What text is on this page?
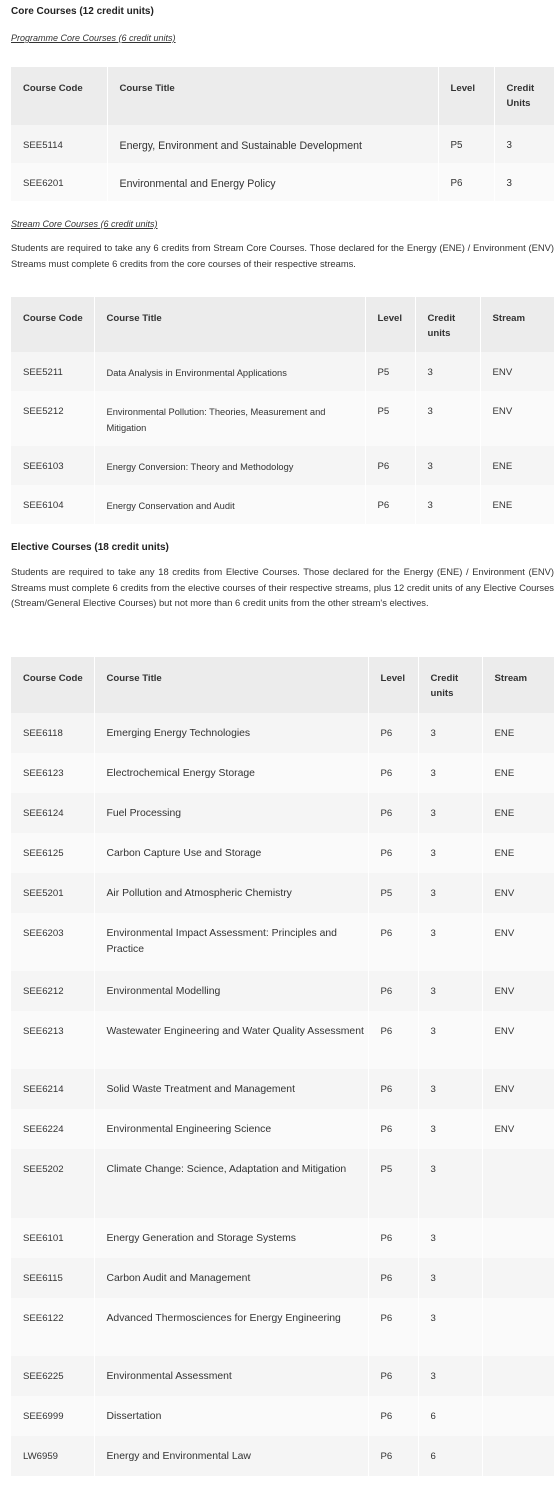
Core Courses (12 credit units)
Programme Core Courses (6 credit units)
Course Code	Course Title	Level	Credit Units
SEE5114	Energy, Environment and Sustainable Development	P5	3
SEE6201	Environmental and Energy Policy	P6	3
Stream Core Courses (6 credit units)
Students are required to take any 6 credits from Stream Core Courses. Those declared for the Energy (ENE) / Environment (ENV) Streams must complete 6 credits from the core courses of their respective streams.
Course Code	Course Title	Level	Credit units	Stream
SEE5211	Data Analysis in Environmental Applications	P5	3	ENV
SEE5212	Environmental Pollution: Theories, Measurement and Mitigation	P5	3	ENV
SEE6103	Energy Conversion: Theory and Methodology	P6	3	ENE
SEE6104	Energy Conservation and Audit	P6	3	ENE
Elective Courses (18 credit units)
Students are required to take any 18 credits from Elective Courses. Those declared for the Energy (ENE) / Environment (ENV) Streams must complete 6 credits from the elective courses of their respective streams, plus 12 credit units of any Elective Courses (Stream/General Elective Courses) but not more than 6 credit units from the other stream's electives.
Course Code	Course Title	Level	Credit units	Stream
SEE6118	Emerging Energy Technologies	P6	3	ENE
SEE6123	Electrochemical Energy Storage	P6	3	ENE
SEE6124	Fuel Processing	P6	3	ENE
SEE6125	Carbon Capture Use and Storage	P6	3	ENE
SEE5201	Air Pollution and Atmospheric Chemistry	P5	3	ENV
SEE6203	Environmental Impact Assessment: Principles and Practice	P6	3	ENV
SEE6212	Environmental Modelling	P6	3	ENV
SEE6213	Wastewater Engineering and Water Quality Assessment	P6	3	ENV
SEE6214	Solid Waste Treatment and Management	P6	3	ENV
SEE6224	Environmental Engineering Science	P6	3	ENV
SEE5202	Climate Change: Science, Adaptation and Mitigation	P5	3	
SEE6101	Energy Generation and Storage Systems	P6	3	
SEE6115	Carbon Audit and Management	P6	3	
SEE6122	Advanced Thermosciences for Energy Engineering	P6	3	
SEE6225	Environmental Assessment	P6	3	
SEE6999	Dissertation	P6	6	
LW6959	Energy and Environmental Law	P6	6	
